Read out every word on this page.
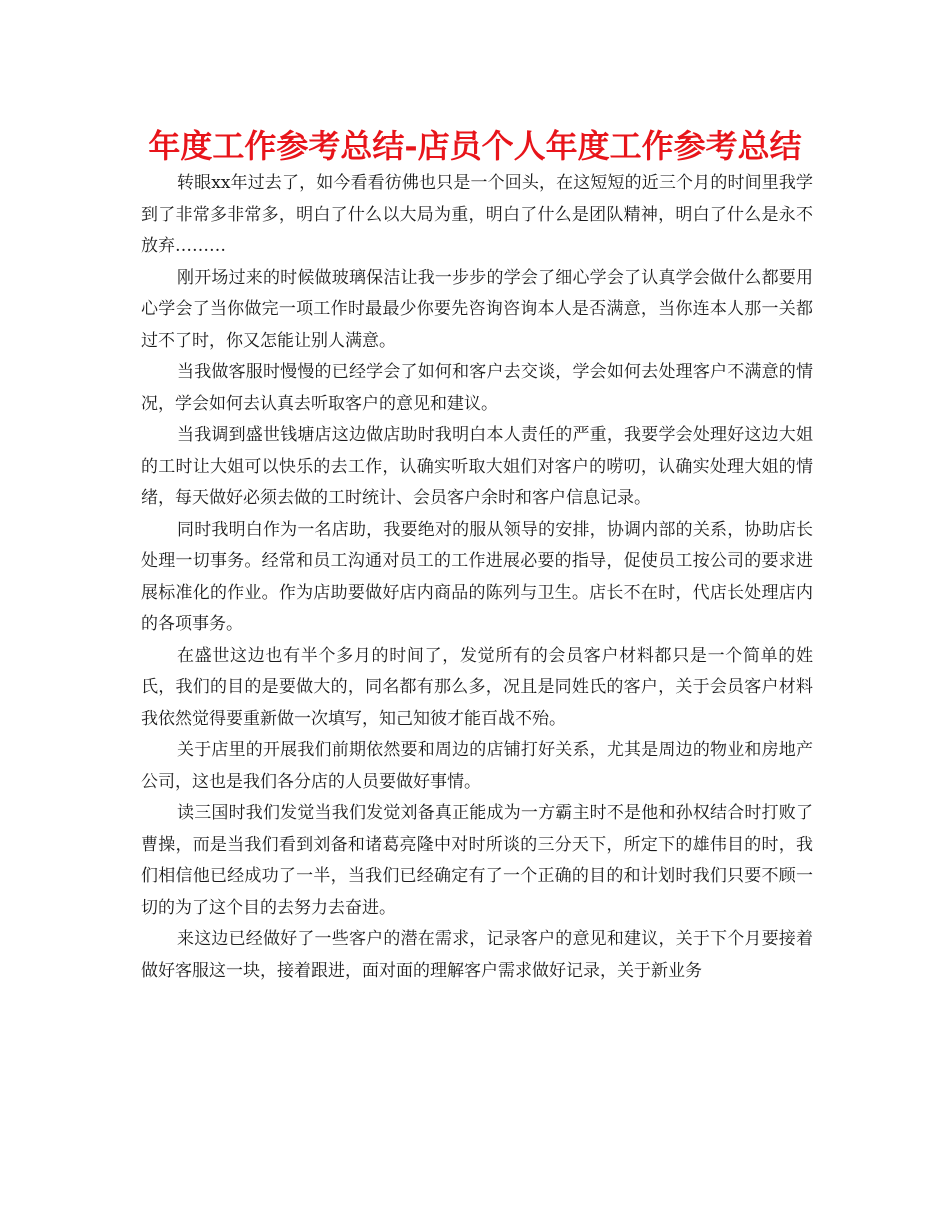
年度工作参考总结-店员个人年度工作参考总结

转眼xx年过去了，如今看看彷佛也只是一个回头，在这短短的近三个月的时间里我学到了非常多非常多，明白了什么以大局为重，明白了什么是团队精神，明白了什么是永不放弃………

刚开场过来的时候做玻璃保洁让我一步步的学会了细心学会了认真学会做什么都要用心学会了当你做完一项工作时最最少你要先咨询咨询本人是否满意，当你连本人那一关都过不了时，你又怎能让别人满意。

当我做客服时慢慢的已经学会了如何和客户去交谈，学会如何去处理客户不满意的情况，学会如何去认真去听取客户的意见和建议。

当我调到盛世钱塘店这边做店助时我明白本人责任的严重，我要学会处理好这边大姐的工时让大姐可以快乐的去工作，认确实听取大姐们对客户的唠叨，认确实处理大姐的情绪，每天做好必须去做的工时统计、会员客户余时和客户信息记录。

同时我明白作为一名店助，我要绝对的服从领导的安排，协调内部的关系，协助店长处理一切事务。经常和员工沟通对员工的工作进展必要的指导，促使员工按公司的要求进展标准化的作业。作为店助要做好店内商品的陈列与卫生。店长不在时，代店长处理店内的各项事务。

在盛世这边也有半个多月的时间了，发觉所有的会员客户材料都只是一个简单的姓氏，我们的目的是要做大的，同名都有那么多，况且是同姓氏的客户，关于会员客户材料我依然觉得要重新做一次填写，知己知彼才能百战不殆。

关于店里的开展我们前期依然要和周边的店铺打好关系，尤其是周边的物业和房地产公司，这也是我们各分店的人员要做好事情。

读三国时我们发觉当我们发觉刘备真正能成为一方霸主时不是他和孙权结合时打败了曹操，而是当我们看到刘备和诸葛亮隆中对时所谈的三分天下，所定下的雄伟目的时，我们相信他已经成功了一半，当我们已经确定有了一个正确的目的和计划时我们只要不顾一切的为了这个目的去努力去奋进。

来这边已经做好了一些客户的潜在需求，记录客户的意见和建议，关于下个月要接着做好客服这一块，接着跟进，面对面的理解客户需求做好记录，关于新业务
